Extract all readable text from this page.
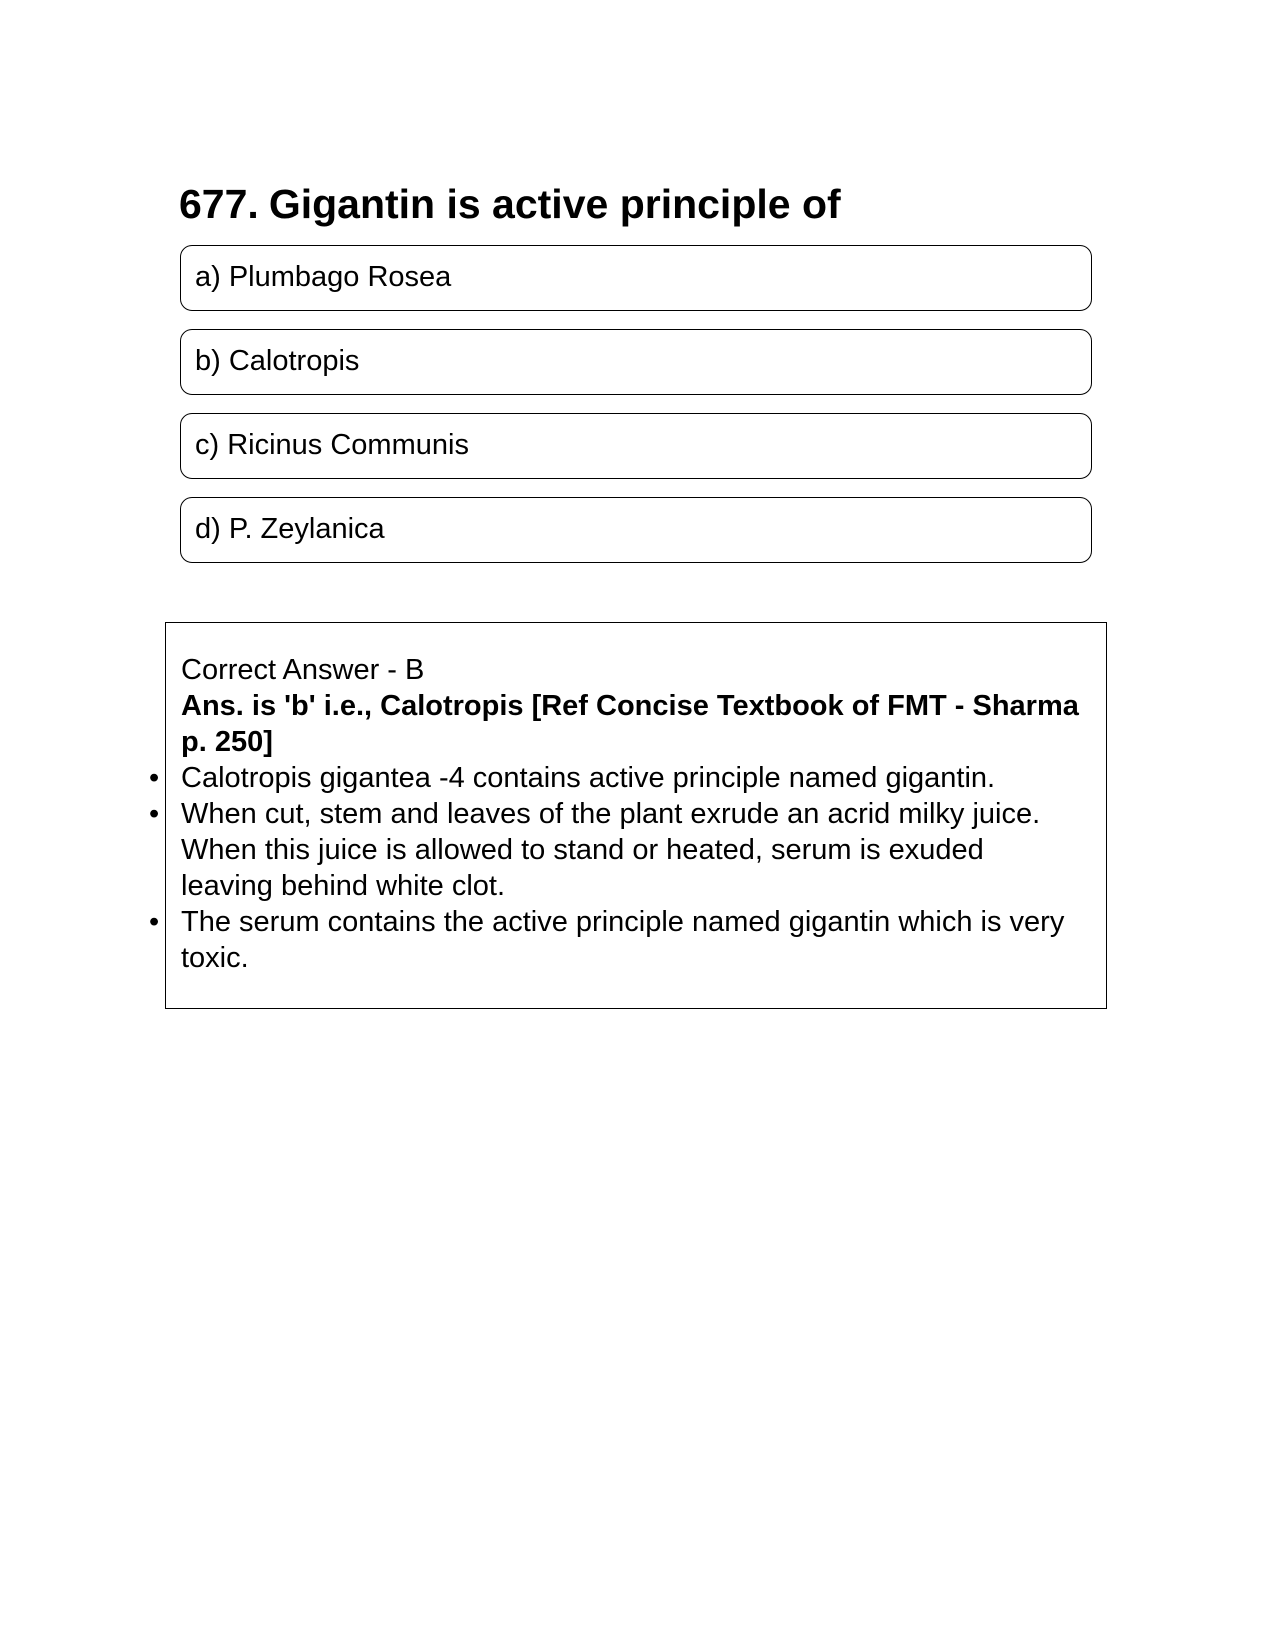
677. Gigantin is active principle of
a) Plumbago Rosea
b) Calotropis
c) Ricinus Communis
d) P. Zeylanica
Correct Answer - B
Ans. is 'b' i.e., Calotropis [Ref Concise Textbook of FMT - Sharma p. 250]
• Calotropis gigantea -4 contains active principle named gigantin.
• When cut, stem and leaves of the plant exrude an acrid milky juice. When this juice is allowed to stand or heated, serum is exuded leaving behind white clot.
• The serum contains the active principle named gigantin which is very toxic.
